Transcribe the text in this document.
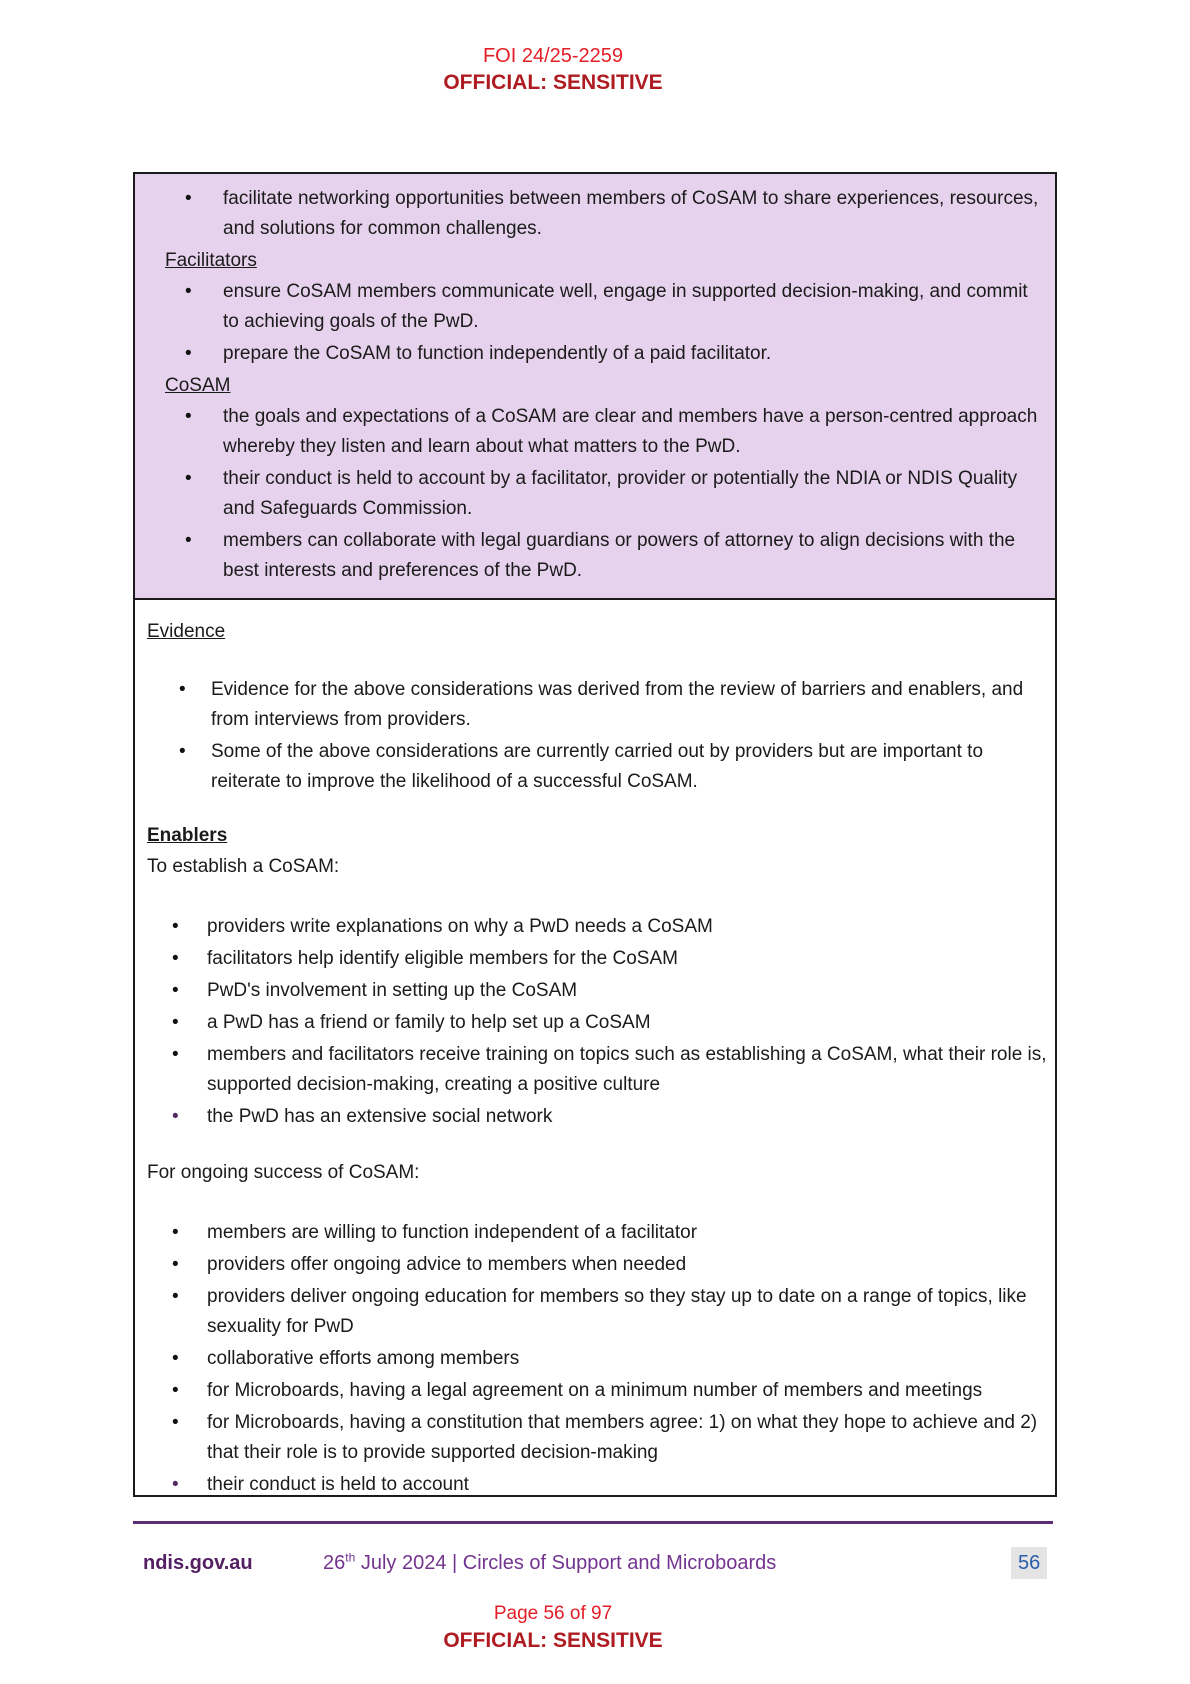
FOI 24/25-2259
OFFICIAL: SENSITIVE
• facilitate networking opportunities between members of CoSAM to share experiences, resources, and solutions for common challenges.
Facilitators
• ensure CoSAM members communicate well, engage in supported decision-making, and commit to achieving goals of the PwD.
• prepare the CoSAM to function independently of a paid facilitator.
CoSAM
• the goals and expectations of a CoSAM are clear and members have a person-centred approach whereby they listen and learn about what matters to the PwD.
• their conduct is held to account by a facilitator, provider or potentially the NDIA or NDIS Quality and Safeguards Commission.
• members can collaborate with legal guardians or powers of attorney to align decisions with the best interests and preferences of the PwD.
Evidence
• Evidence for the above considerations was derived from the review of barriers and enablers, and from interviews from providers.
• Some of the above considerations are currently carried out by providers but are important to reiterate to improve the likelihood of a successful CoSAM.
Enablers
To establish a CoSAM:
• providers write explanations on why a PwD needs a CoSAM
• facilitators help identify eligible members for the CoSAM
• PwD's involvement in setting up the CoSAM
• a PwD has a friend or family to help set up a CoSAM
• members and facilitators receive training on topics such as establishing a CoSAM, what their role is, supported decision-making, creating a positive culture
• the PwD has an extensive social network
For ongoing success of CoSAM:
• members are willing to function independent of a facilitator
• providers offer ongoing advice to members when needed
• providers deliver ongoing education for members so they stay up to date on a range of topics, like sexuality for PwD
• collaborative efforts among members
• for Microboards, having a legal agreement on a minimum number of members and meetings
• for Microboards, having a constitution that members agree: 1) on what they hope to achieve and 2) that their role is to provide supported decision-making
• their conduct is held to account
ndis.gov.au	26th July 2024 | Circles of Support and Microboards	56
Page 56 of 97
OFFICIAL: SENSITIVE
